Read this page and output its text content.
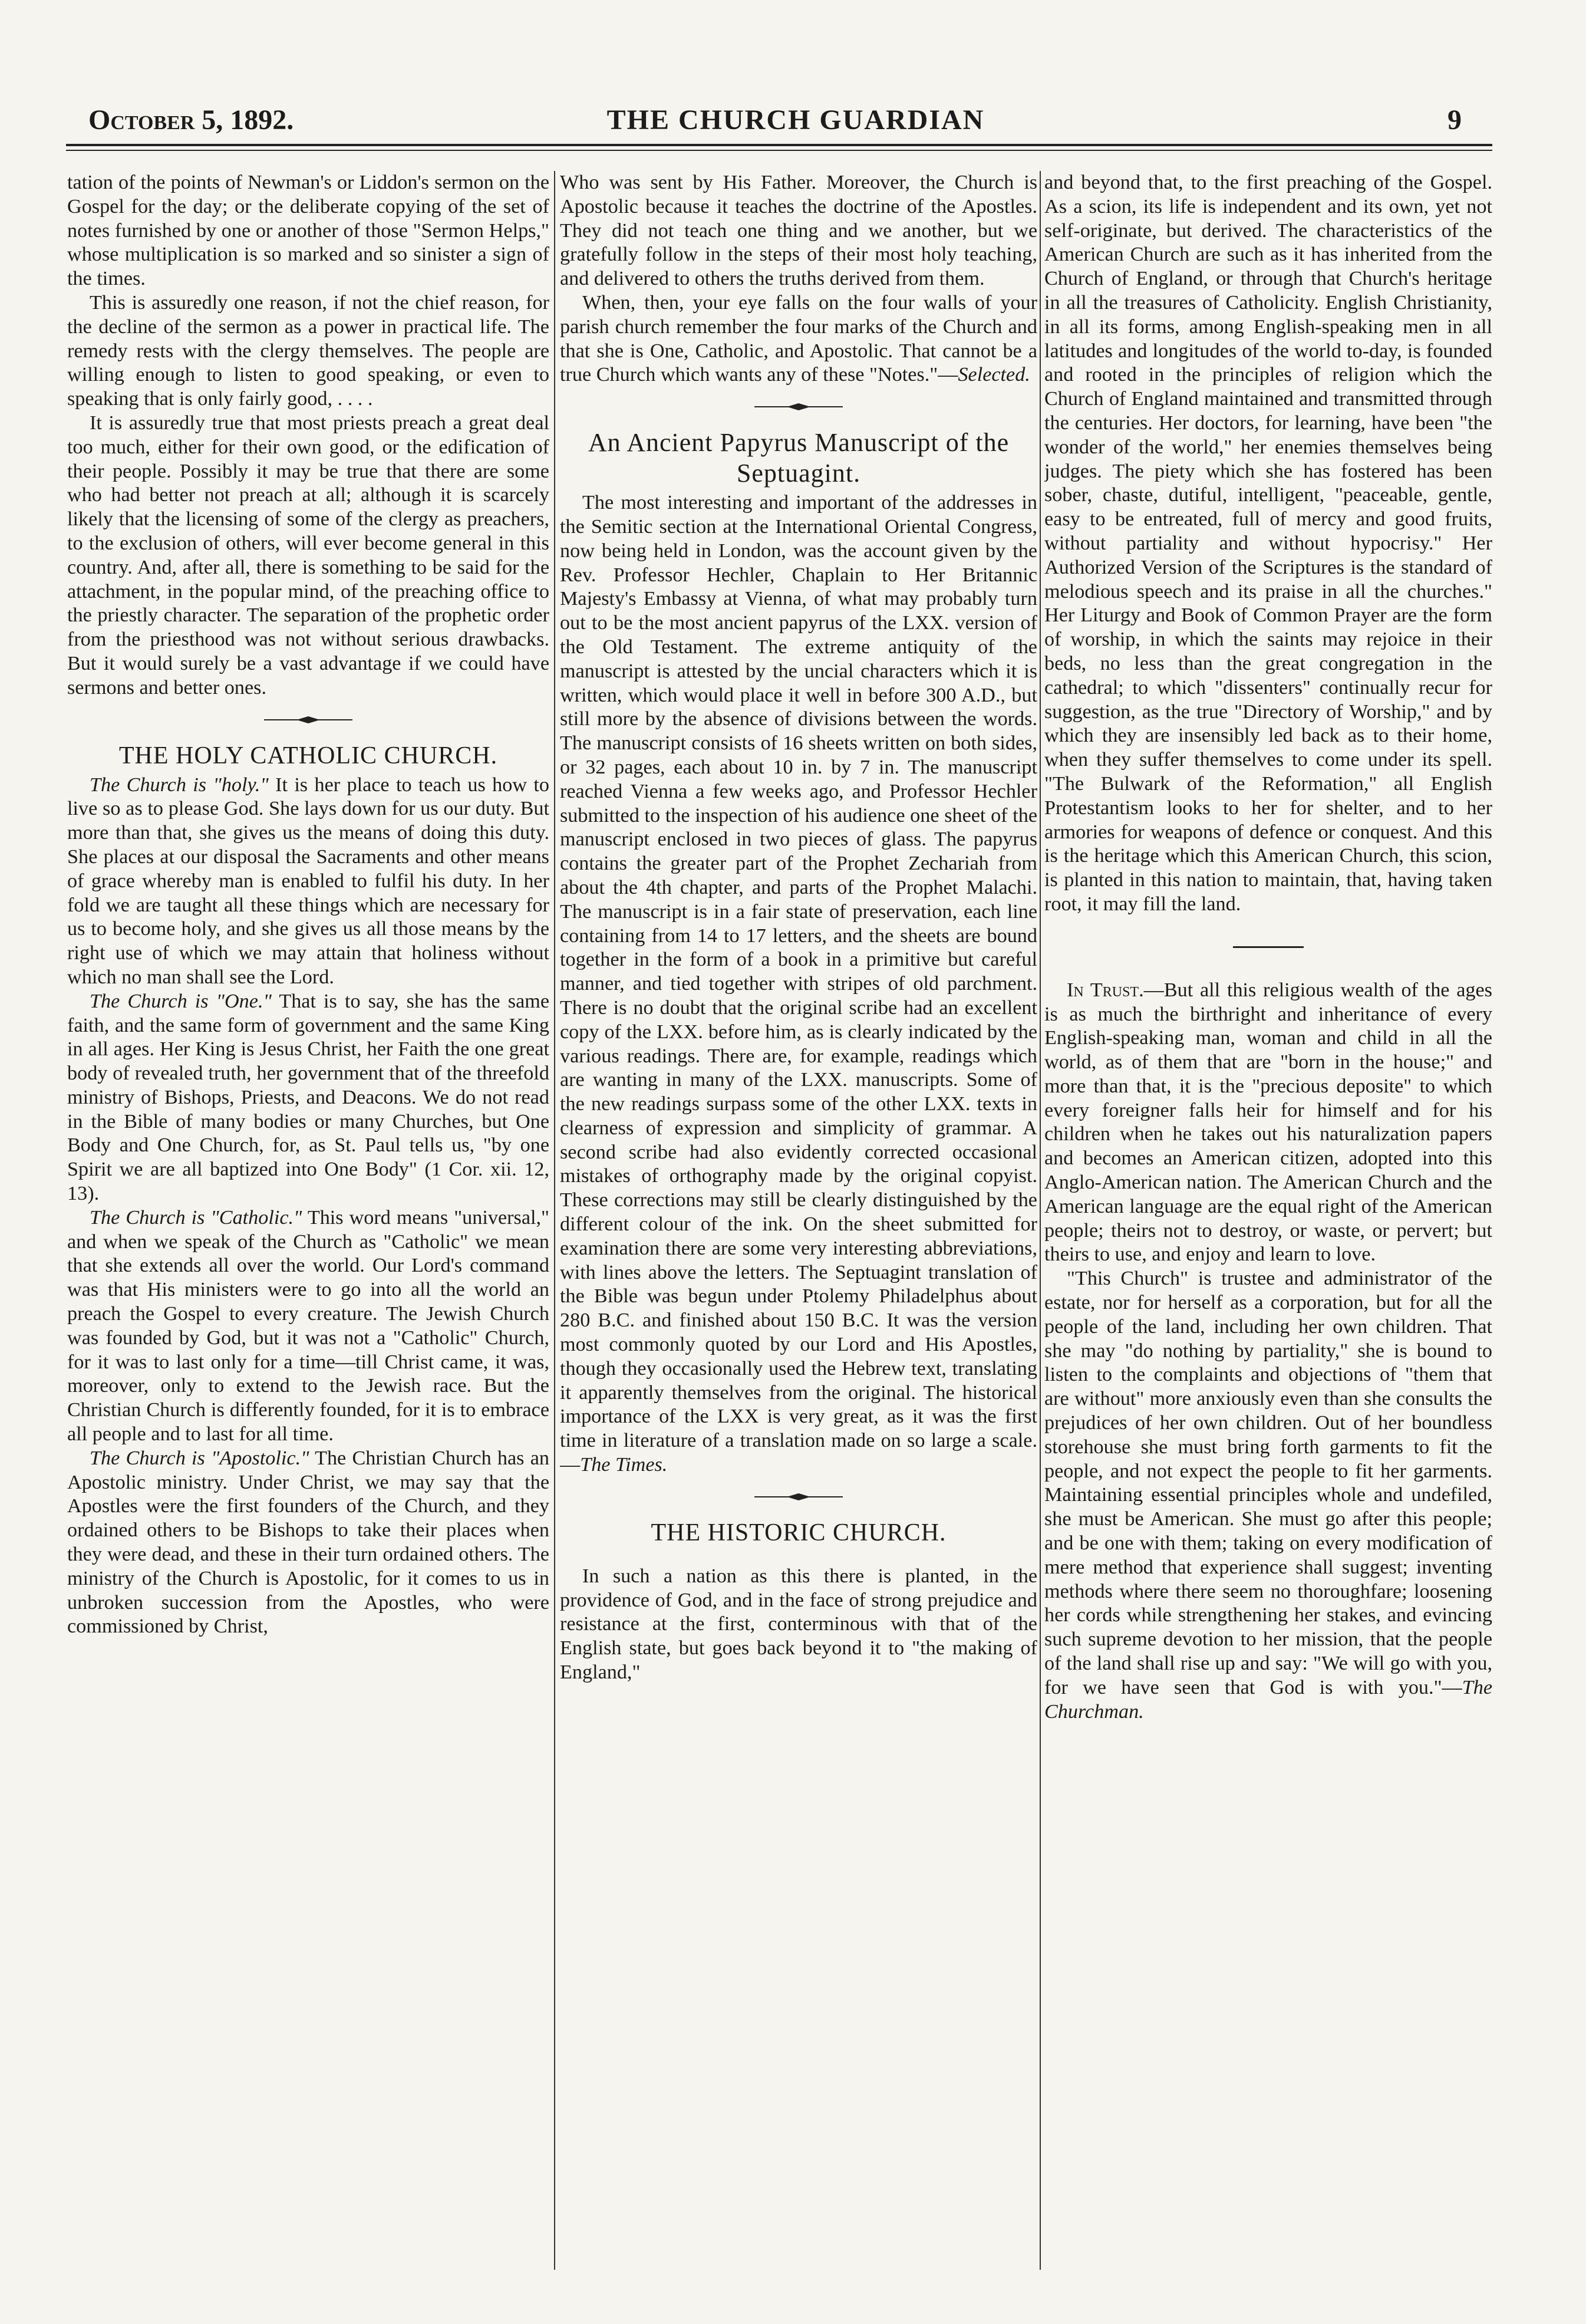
October 5, 1892.	THE CHURCH GUARDIAN	9

tation of the points of Newman's or Liddon's sermon on the Gospel for the day; or the deliberate copying of the set of notes furnished by one or another of those "Sermon Helps," whose multiplication is so marked and so sinister a sign of the times.

This is assuredly one reason, if not the chief reason, for the decline of the sermon as a power in practical life. The remedy rests with the clergy themselves. The people are willing enough to listen to good speaking, or even to speaking that is only fairly good, . . . .

It is assuredly true that most priests preach a great deal too much, either for their own good, or the edification of their people. Possibly it may be true that there are some who had better not preach at all; although it is scarcely likely that the licensing of some of the clergy as preachers, to the exclusion of others, will ever become general in this country. And, after all, there is something to be said for the attachment, in the popular mind, of the preaching office to the priestly character. The separation of the prophetic order from the priesthood was not without serious drawbacks. But it would surely be a vast advantage if we could have sermons and better ones.

THE HOLY CATHOLIC CHURCH.

The Church is "holy." It is her place to teach us how to live so as to please God. She lays down for us our duty. But more than that, she gives us the means of doing this duty. She places at our disposal the Sacraments and other means of grace whereby man is enabled to fulfil his duty. In her fold we are taught all these things which are necessary for us to become holy, and she gives us all those means by the right use of which we may attain that holiness without which no man shall see the Lord.

The Church is "One." That is to say, she has the same faith, and the same form of government and the same King in all ages. Her King is Jesus Christ, her Faith the one great body of revealed truth, her government that of the threefold ministry of Bishops, Priests, and Deacons. We do not read in the Bible of many bodies or many Churches, but One Body and One Church, for, as St. Paul tells us, "by one Spirit we are all baptized into One Body" (1 Cor. xii. 12, 13).

The Church is "Catholic." This word means "universal," and when we speak of the Church as "Catholic" we mean that she extends all over the world. Our Lord's command was that His ministers were to go into all the world an preach the Gospel to every creature. The Jewish Church was founded by God, but it was not a "Catholic" Church, for it was to last only for a time—till Christ came, it was, moreover, only to extend to the Jewish race. But the Christian Church is differently founded, for it is to embrace all people and to last for all time.

The Church is "Apostolic." The Christian Church has an Apostolic ministry. Under Christ, we may say that the Apostles were the first founders of the Church, and they ordained others to be Bishops to take their places when they were dead, and these in their turn ordained others. The ministry of the Church is Apostolic, for it comes to us in unbroken succession from the Apostles, who were commissioned by Christ,

Who was sent by His Father. Moreover, the Church is Apostolic because it teaches the doctrine of the Apostles. They did not teach one thing and we another, but we gratefully follow in the steps of their most holy teaching, and delivered to others the truths derived from them.

When, then, your eye falls on the four walls of your parish church remember the four marks of the Church and that she is One, Catholic, and Apostolic. That cannot be a true Church which wants any of these "Notes."—Selected.

An Ancient Papyrus Manuscript of the Septuagint.

The most interesting and important of the addresses in the Semitic section at the International Oriental Congress, now being held in London, was the account given by the Rev. Professor Hechler, Chaplain to Her Britannic Majesty's Embassy at Vienna, of what may probably turn out to be the most ancient papyrus of the LXX. version of the Old Testament. The extreme antiquity of the manuscript is attested by the uncial characters which it is written, which would place it well in before 300 A.D., but still more by the absence of divisions between the words. The manuscript consists of 16 sheets written on both sides, or 32 pages, each about 10 in. by 7 in. The manuscript reached Vienna a few weeks ago, and Professor Hechler submitted to the inspection of his audience one sheet of the manuscript enclosed in two pieces of glass. The papyrus contains the greater part of the Prophet Zechariah from about the 4th chapter, and parts of the Prophet Malachi. The manuscript is in a fair state of preservation, each line containing from 14 to 17 letters, and the sheets are bound together in the form of a book in a primitive but careful manner, and tied together with stripes of old parchment. There is no doubt that the original scribe had an excellent copy of the LXX. before him, as is clearly indicated by the various readings. There are, for example, readings which are wanting in many of the LXX. manuscripts. Some of the new readings surpass some of the other LXX. texts in clearness of expression and simplicity of grammar. A second scribe had also evidently corrected occasional mistakes of orthography made by the original copyist. These corrections may still be clearly distinguished by the different colour of the ink. On the sheet submitted for examination there are some very interesting abbreviations, with lines above the letters. The Septuagint translation of the Bible was begun under Ptolemy Philadelphus about 280 B.C. and finished about 150 B.C. It was the version most commonly quoted by our Lord and His Apostles, though they occasionally used the Hebrew text, translating it apparently themselves from the original. The historical importance of the LXX is very great, as it was the first time in literature of a translation made on so large a scale.—The Times.

THE HISTORIC CHURCH.

In such a nation as this there is planted, in the providence of God, and in the face of strong prejudice and resistance at the first, conterminous with that of the English state, but goes back beyond it to "the making of England,"

and beyond that, to the first preaching of the Gospel. As a scion, its life is independent and its own, yet not self-originate, but derived. The characteristics of the American Church are such as it has inherited from the Church of England, or through that Church's heritage in all the treasures of Catholicity. English Christianity, in all its forms, among English-speaking men in all latitudes and longitudes of the world to-day, is founded and rooted in the principles of religion which the Church of England maintained and transmitted through the centuries. Her doctors, for learning, have been "the wonder of the world," her enemies themselves being judges. The piety which she has fostered has been sober, chaste, dutiful, intelligent, "peaceable, gentle, easy to be entreated, full of mercy and good fruits, without partiality and without hypocrisy." Her Authorized Version of the Scriptures is the standard of melodious speech and its praise in all the churches." Her Liturgy and Book of Common Prayer are the form of worship, in which the saints may rejoice in their beds, no less than the great congregation in the cathedral; to which "dissenters" continually recur for suggestion, as the true "Directory of Worship," and by which they are insensibly led back as to their home, when they suffer themselves to come under its spell. "The Bulwark of the Reformation," all English Protestantism looks to her for shelter, and to her armories for weapons of defence or conquest. And this is the heritage which this American Church, this scion, is planted in this nation to maintain, that, having taken root, it may fill the land.

In Trust.—But all this religious wealth of the ages is as much the birthright and inheritance of every English-speaking man, woman and child in all the world, as of them that are "born in the house;" and more than that, it is the "precious deposite" to which every foreigner falls heir for himself and for his children when he takes out his naturalization papers and becomes an American citizen, adopted into this Anglo-American nation. The American Church and the American language are the equal right of the American people; theirs not to destroy, or waste, or pervert; but theirs to use, and enjoy and learn to love.

"This Church" is trustee and administrator of the estate, nor for herself as a corporation, but for all the people of the land, including her own children. That she may "do nothing by partiality," she is bound to listen to the complaints and objections of "them that are without" more anxiously even than she consults the prejudices of her own children. Out of her boundless storehouse she must bring forth garments to fit the people, and not expect the people to fit her garments. Maintaining essential principles whole and undefiled, she must be American. She must go after this people; and be one with them; taking on every modification of mere method that experience shall suggest; inventing methods where there seem no thoroughfare; loosening her cords while strengthening her stakes, and evincing such supreme devotion to her mission, that the people of the land shall rise up and say: "We will go with you, for we have seen that God is with you."—The Churchman.
